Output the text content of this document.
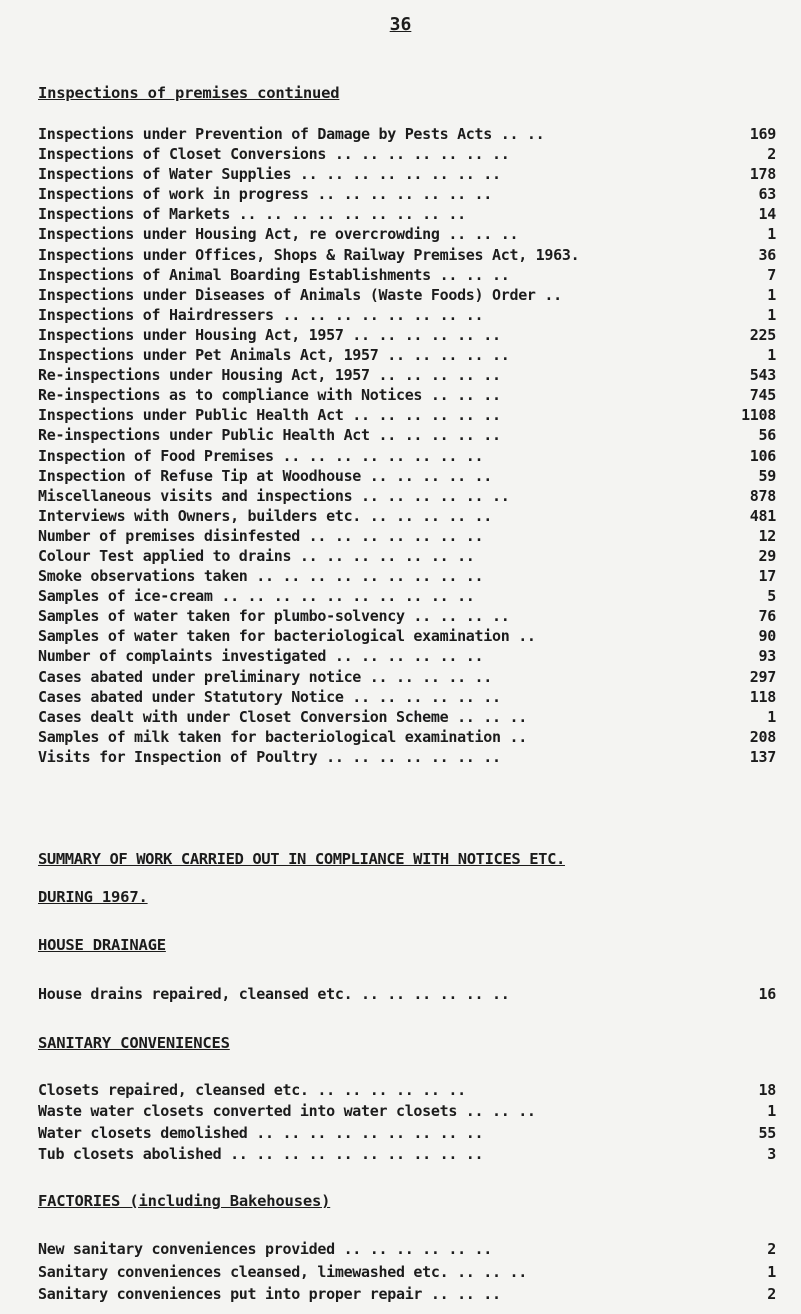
36
Inspections of premises continued
Inspections under Prevention of Damage by Pests Acts .. ..	169
Inspections of Closet Conversions .. .. .. .. .. .. ..	2
Inspections of Water Supplies .. .. .. .. .. .. .. ..	178
Inspections of work in progress .. .. .. .. .. .. ..	63
Inspections of Markets .. .. .. .. .. .. .. .. ..	14
Inspections under Housing Act, re overcrowding .. .. ..	1
Inspections under Offices, Shops & Railway Premises Act, 1963.	36
Inspections of Animal Boarding Establishments .. .. ..	7
Inspections under Diseases of Animals (Waste Foods) Order ..	1
Inspections of Hairdressers .. .. .. .. .. .. .. ..	1
Inspections under Housing Act, 1957 .. .. .. .. .. ..	225
Inspections under Pet Animals Act, 1957 .. .. .. .. ..	1
Re-inspections under Housing Act, 1957 .. .. .. .. ..	543
Re-inspections as to compliance with Notices .. .. ..	745
Inspections under Public Health Act .. .. .. .. .. ..	1108
Re-inspections under Public Health Act .. .. .. .. ..	56
Inspection of Food Premises .. .. .. .. .. .. .. ..	106
Inspection of Refuse Tip at Woodhouse .. .. .. .. ..	59
Miscellaneous visits and inspections .. .. .. .. .. ..	878
Interviews with Owners, builders etc. .. .. .. .. ..	481
Number of premises disinfested .. .. .. .. .. .. ..	12
Colour Test applied to drains .. .. .. .. .. .. ..	29
Smoke observations taken .. .. .. .. .. .. .. .. ..	17
Samples of ice-cream .. .. .. .. .. .. .. .. .. ..	5
Samples of water taken for plumbo-solvency .. .. .. ..	76
Samples of water taken for bacteriological examination ..	90
Number of complaints investigated .. .. .. .. .. ..	93
Cases abated under preliminary notice .. .. .. .. ..	297
Cases abated under Statutory Notice .. .. .. .. .. ..	118
Cases dealt with under Closet Conversion Scheme .. .. ..	1
Samples of milk taken for bacteriological examination ..	208
Visits for Inspection of Poultry .. .. .. .. .. .. ..	137
SUMMARY OF WORK CARRIED OUT IN COMPLIANCE WITH NOTICES ETC.
DURING 1967.
HOUSE DRAINAGE
House drains repaired, cleansed etc. .. .. .. .. .. ..	16
SANITARY CONVENIENCES
Closets repaired, cleansed etc. .. .. .. .. .. ..	18
Waste water closets converted into water closets .. .. ..	1
Water closets demolished .. .. .. .. .. .. .. .. ..	55
Tub closets abolished .. .. .. .. .. .. .. .. .. ..	3
FACTORIES (including Bakehouses)
New sanitary conveniences provided .. .. .. .. .. ..	2
Sanitary conveniences cleansed, limewashed etc. .. .. ..	1
Sanitary conveniences put into proper repair .. .. ..	2
